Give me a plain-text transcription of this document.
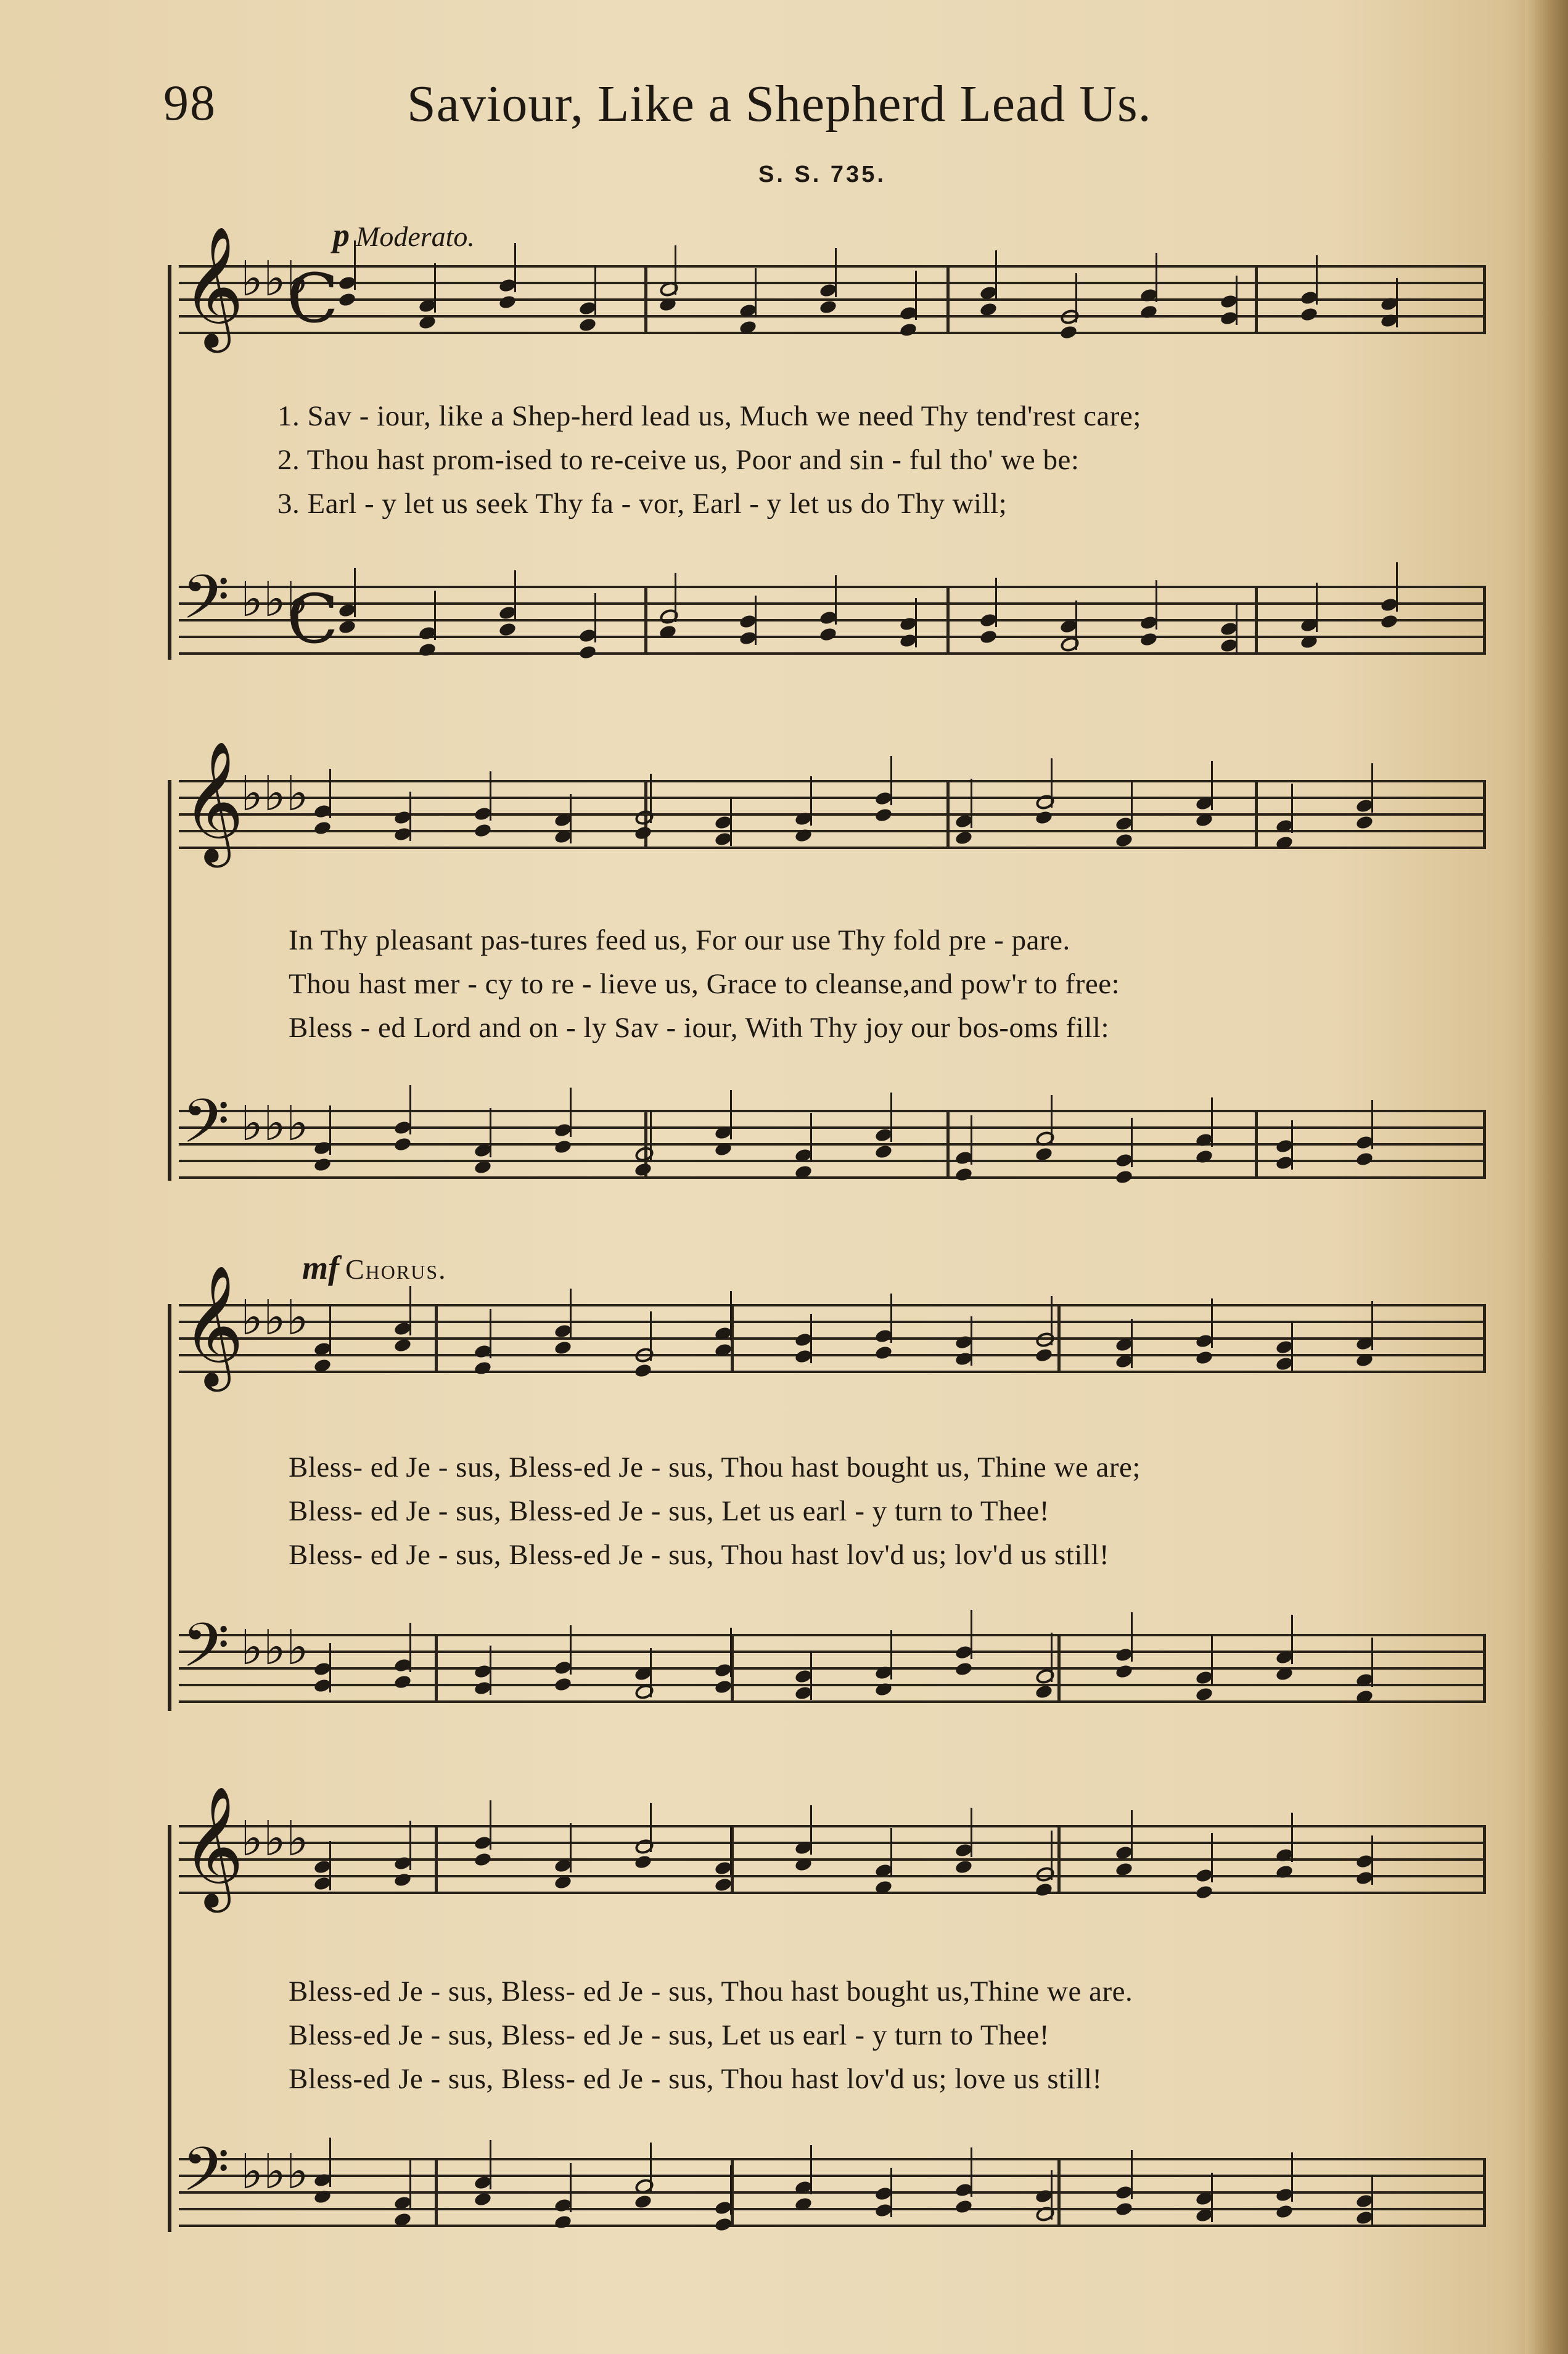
98	Saviour, Like a Shepherd Lead Us.
S. S. 735.
p Moderato.
mf Chorus.
𝄞
♭♭♭
C
𝄢 ♭♭♭
C
𝄞
♭♭♭
𝄢 ♭♭♭
𝄞
♭♭♭
𝄢 ♭♭♭
𝄞
♭♭♭
𝄢 ♭♭♭
1. Sav - iour, like a Shep-herd lead us, Much we need Thy tend'rest care;
2. Thou hast prom-ised to re-ceive us, Poor and sin - ful tho' we be:
3. Earl - y let us seek Thy fa - vor, Earl - y let us do Thy will;
In Thy pleasant pas-tures feed us, For our use Thy fold pre - pare.
Thou hast mer - cy to re - lieve us, Grace to cleanse,and pow'r to free:
Bless - ed Lord and on - ly Sav - iour, With Thy joy our bos-oms fill:
Bless- ed Je - sus, Bless-ed Je - sus, Thou hast bought us, Thine we are;
Bless- ed Je - sus, Bless-ed Je - sus, Let us earl - y turn to Thee!
Bless- ed Je - sus, Bless-ed Je - sus, Thou hast lov'd us; lov'd us still!
Bless-ed Je - sus, Bless- ed Je - sus, Thou hast bought us,Thine we are.
Bless-ed Je - sus, Bless- ed Je - sus, Let us earl - y turn to Thee!
Bless-ed Je - sus, Bless- ed Je - sus, Thou hast lov'd us; love us still!
